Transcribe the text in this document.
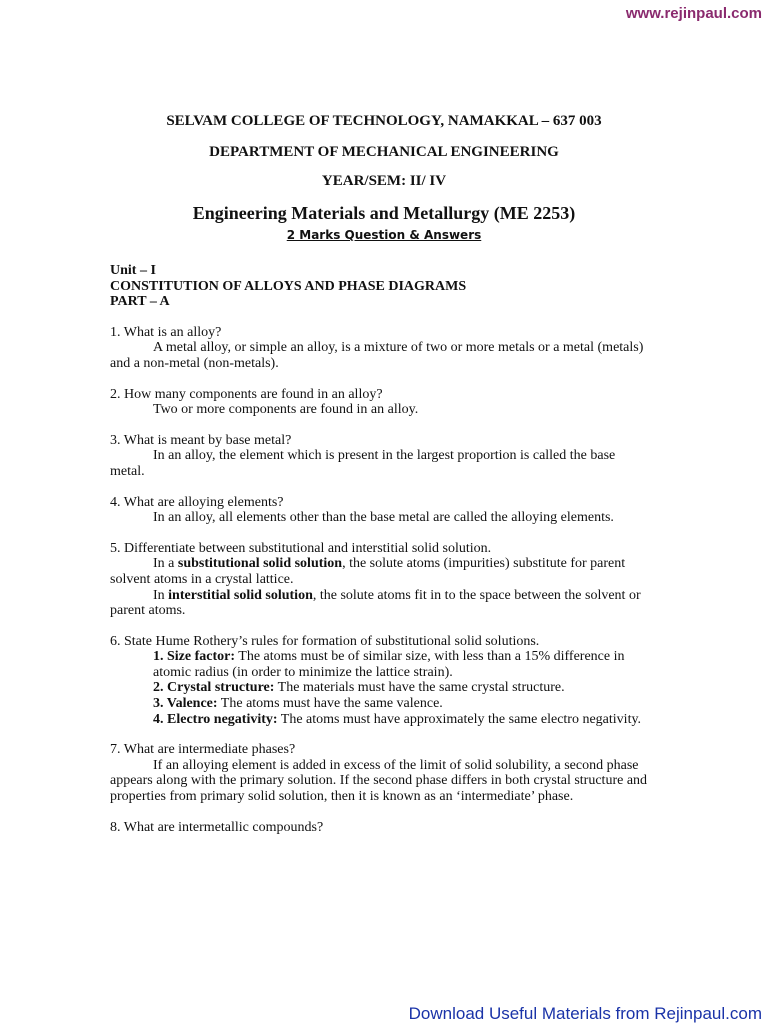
www.rejinpaul.com
SELVAM COLLEGE OF TECHNOLOGY, NAMAKKAL – 637 003
DEPARTMENT OF MECHANICAL ENGINEERING
YEAR/SEM: II/ IV
Engineering Materials and Metallurgy (ME 2253)
2 Marks Question & Answers

Unit – I

CONSTITUTION OF ALLOYS AND PHASE DIAGRAMS

PART – A

1. What is an alloy?

A metal alloy, or simple an alloy, is a mixture of two or more metals or a metal (metals) and a non-metal (non-metals).

2. How many components are found in an alloy?

Two or more components are found in an alloy.

3. What is meant by base metal?

In an alloy, the element which is present in the largest proportion is called the base metal.

4. What are alloying elements?

In an alloy, all elements other than the base metal are called the alloying elements.

5. Differentiate between substitutional and interstitial solid solution.

In a substitutional solid solution, the solute atoms (impurities) substitute for parent solvent atoms in a crystal lattice.

In interstitial solid solution, the solute atoms fit in to the space between the solvent or parent atoms.

6. State Hume Rothery’s rules for formation of substitutional solid solutions.

1. Size factor: The atoms must be of similar size, with less than a 15% difference in atomic radius (in order to minimize the lattice strain).

2. Crystal structure: The materials must have the same crystal structure.

3. Valence: The atoms must have the same valence.

4. Electro negativity: The atoms must have approximately the same electro negativity.

7. What are intermediate phases?

If an alloying element is added in excess of the limit of solid solubility, a second phase appears along with the primary solution. If the second phase differs in both crystal structure and properties from primary solid solution, then it is known as an ‘intermediate’ phase.

8. What are intermetallic compounds?

Download Useful Materials from Rejinpaul.com
